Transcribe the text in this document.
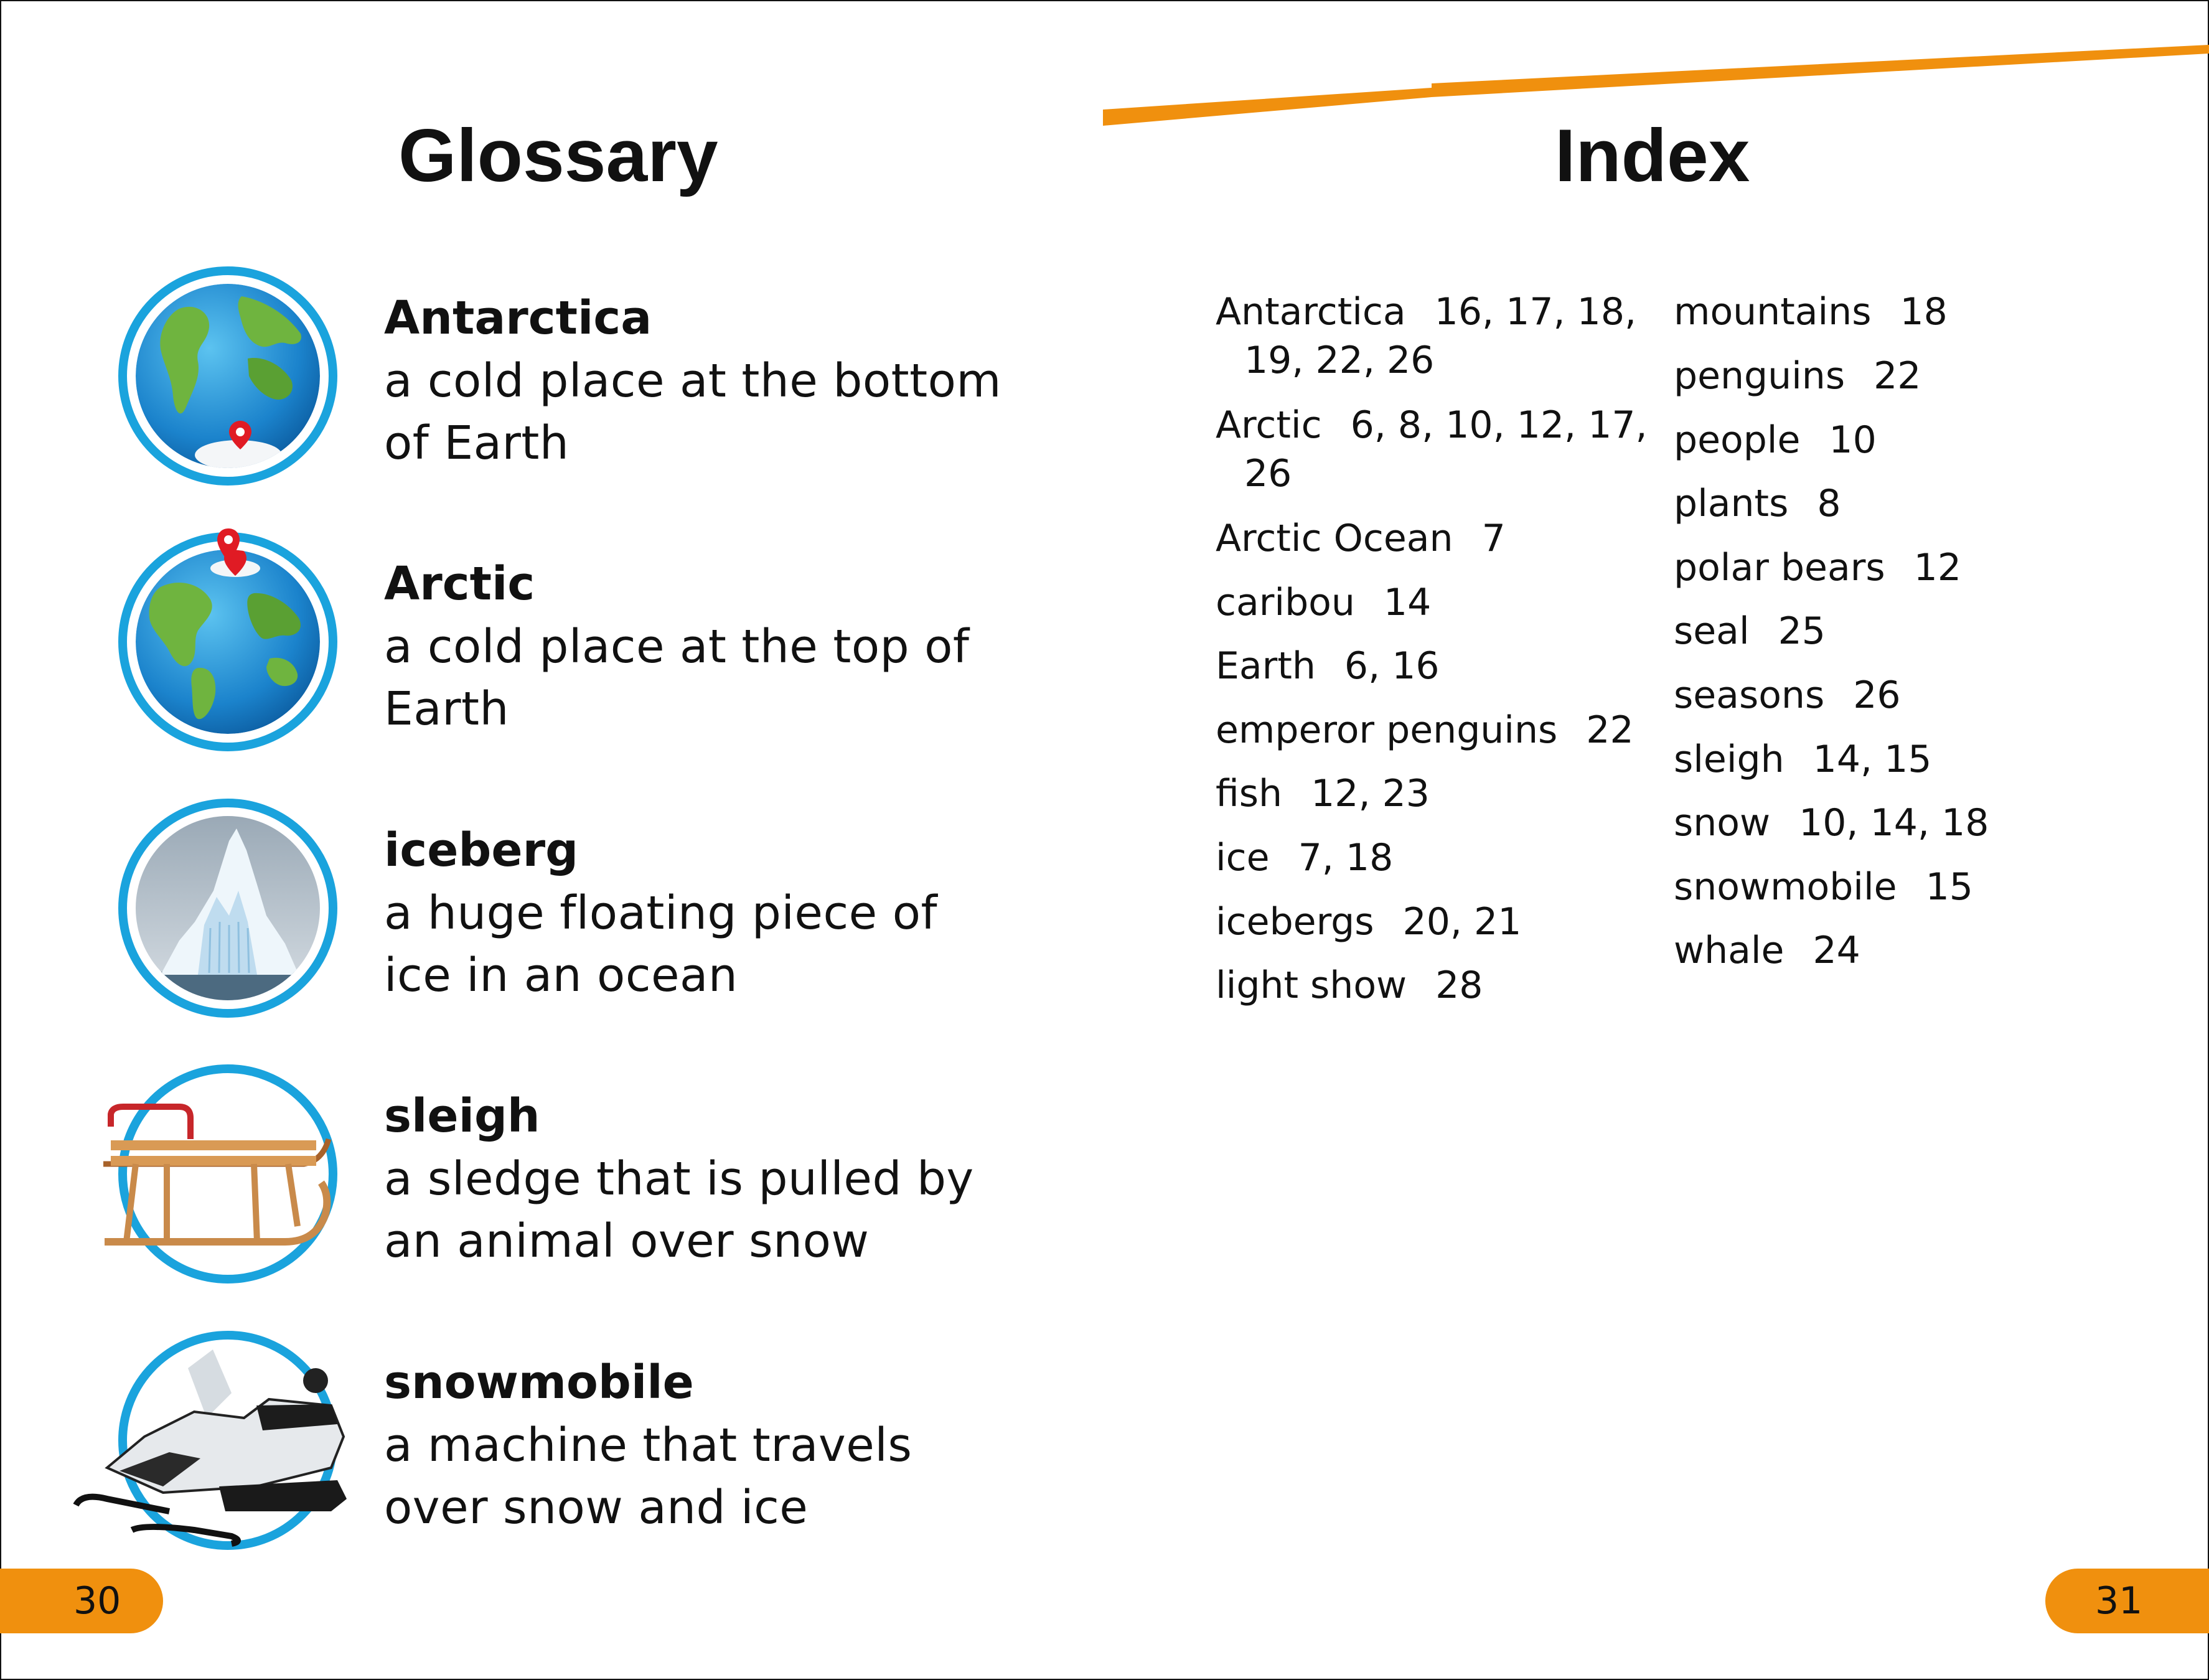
Glossary

Antarctica

a cold place at the bottom of Earth

Arctic

a cold place at the top of Earth

iceberg

a huge floating piece of ice in an ocean

sleigh

a sledge that is pulled by an animal over snow

snowmobile

a machine that travels over snow and ice

Index
Antarctica 16, 17, 18,
19, 22, 26
Arctic 6, 8, 10, 12, 17,
26
Arctic Ocean 7
caribou 14
Earth 6, 16
emperor penguins 22
fish 12, 23
ice 7, 18
icebergs 20, 21
light show 28
mountains 18
penguins 22
people 10
plants 8
polar bears 12
seal 25
seasons 26
sleigh 14, 15
snow 10, 14, 18
snowmobile 15
whale 24
30	31
